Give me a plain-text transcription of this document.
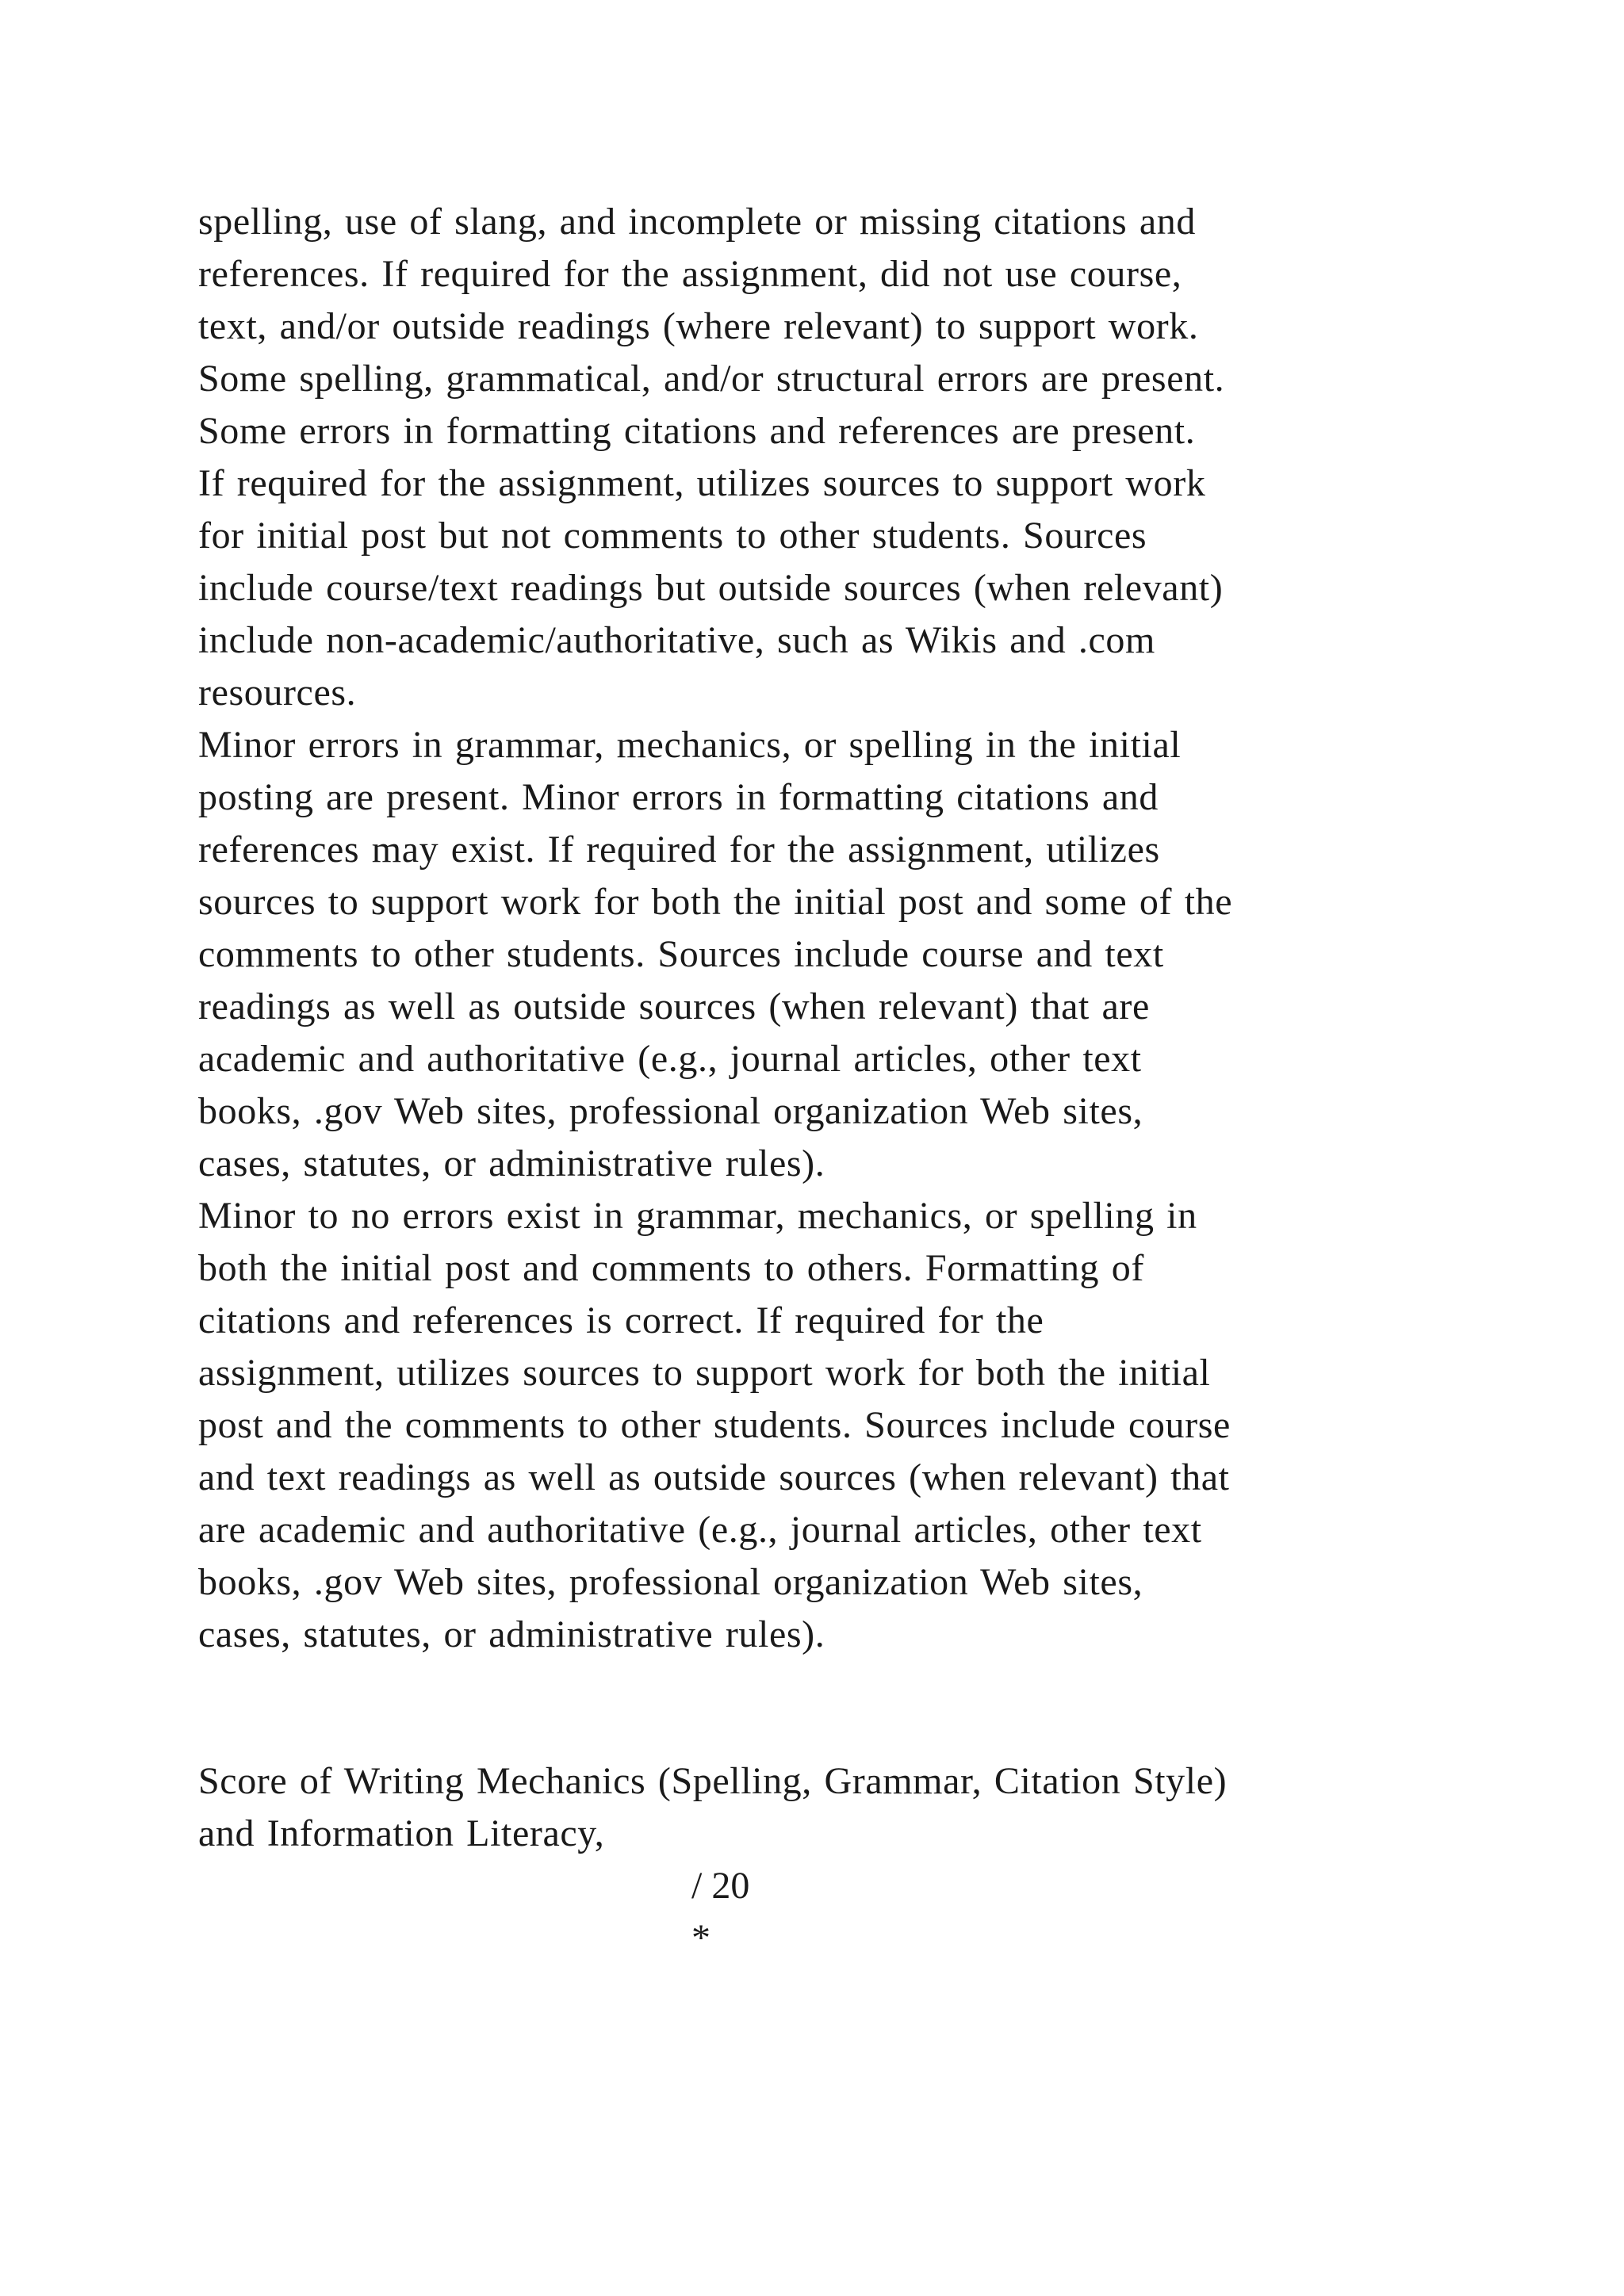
spelling, use of slang, and incomplete or missing citations and
references. If required for the assignment, did not use course,
text, and/or outside readings (where relevant) to support work.
Some spelling, grammatical, and/or structural errors are present.
Some errors in formatting citations and references are present.
If required for the assignment, utilizes sources to support work
for initial post but not comments to other students. Sources
include course/text readings but outside sources (when relevant)
include non-academic/authoritative, such as Wikis and .com
resources.
Minor errors in grammar, mechanics, or spelling in the initial
posting are present. Minor errors in formatting citations and
references may exist. If required for the assignment, utilizes
sources to support work for both the initial post and some of the
comments to other students. Sources include course and text
readings as well as outside sources (when relevant) that are
academic and authoritative (e.g., journal articles, other text
books, .gov Web sites, professional organization Web sites,
cases, statutes, or administrative rules).
Minor to no errors exist in grammar, mechanics, or spelling in
both the initial post and comments to others. Formatting of
citations and references is correct. If required for the
assignment, utilizes sources to support work for both the initial
post and the comments to other students. Sources include course
and text readings as well as outside sources (when relevant) that
are academic and authoritative (e.g., journal articles, other text
books, .gov Web sites, professional organization Web sites,
cases, statutes, or administrative rules).
Score of Writing Mechanics (Spelling, Grammar, Citation Style)
and Information Literacy,
/ 20
*
